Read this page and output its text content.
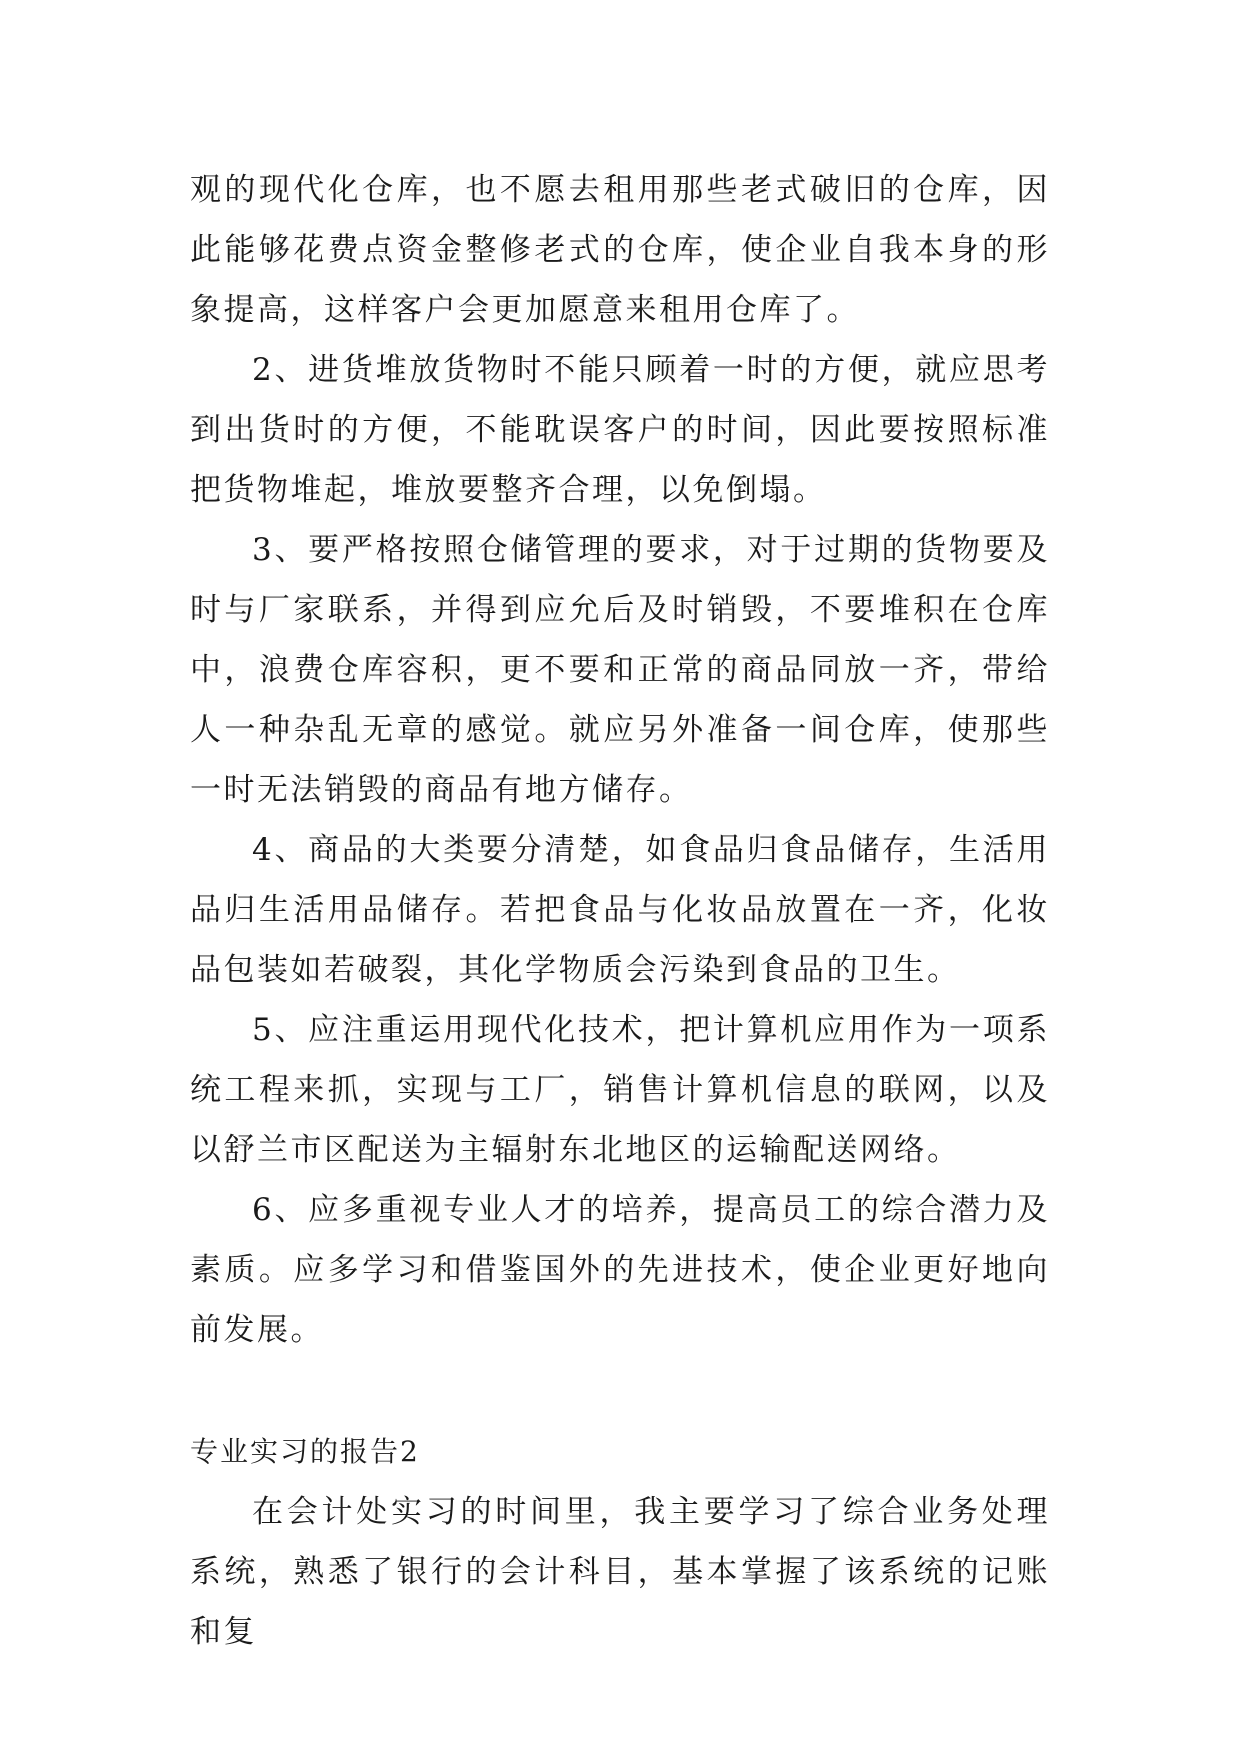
观的现代化仓库，也不愿去租用那些老式破旧的仓库，因此能够花费点资金整修老式的仓库，使企业自我本身的形象提高，这样客户会更加愿意来租用仓库了。

2、进货堆放货物时不能只顾着一时的方便，就应思考到出货时的方便，不能耽误客户的时间，因此要按照标准把货物堆起，堆放要整齐合理，以免倒塌。

3、要严格按照仓储管理的要求，对于过期的货物要及时与厂家联系，并得到应允后及时销毁，不要堆积在仓库中，浪费仓库容积，更不要和正常的商品同放一齐，带给人一种杂乱无章的感觉。就应另外准备一间仓库，使那些一时无法销毁的商品有地方储存。

4、商品的大类要分清楚，如食品归食品储存，生活用品归生活用品储存。若把食品与化妆品放置在一齐，化妆品包装如若破裂，其化学物质会污染到食品的卫生。

5、应注重运用现代化技术，把计算机应用作为一项系统工程来抓，实现与工厂，销售计算机信息的联网，以及以舒兰市区配送为主辐射东北地区的运输配送网络。

6、应多重视专业人才的培养，提高员工的综合潜力及素质。应多学习和借鉴国外的先进技术，使企业更好地向前发展。

专业实习的报告2

在会计处实习的时间里，我主要学习了综合业务处理系统，熟悉了银行的会计科目，基本掌握了该系统的记账和复
